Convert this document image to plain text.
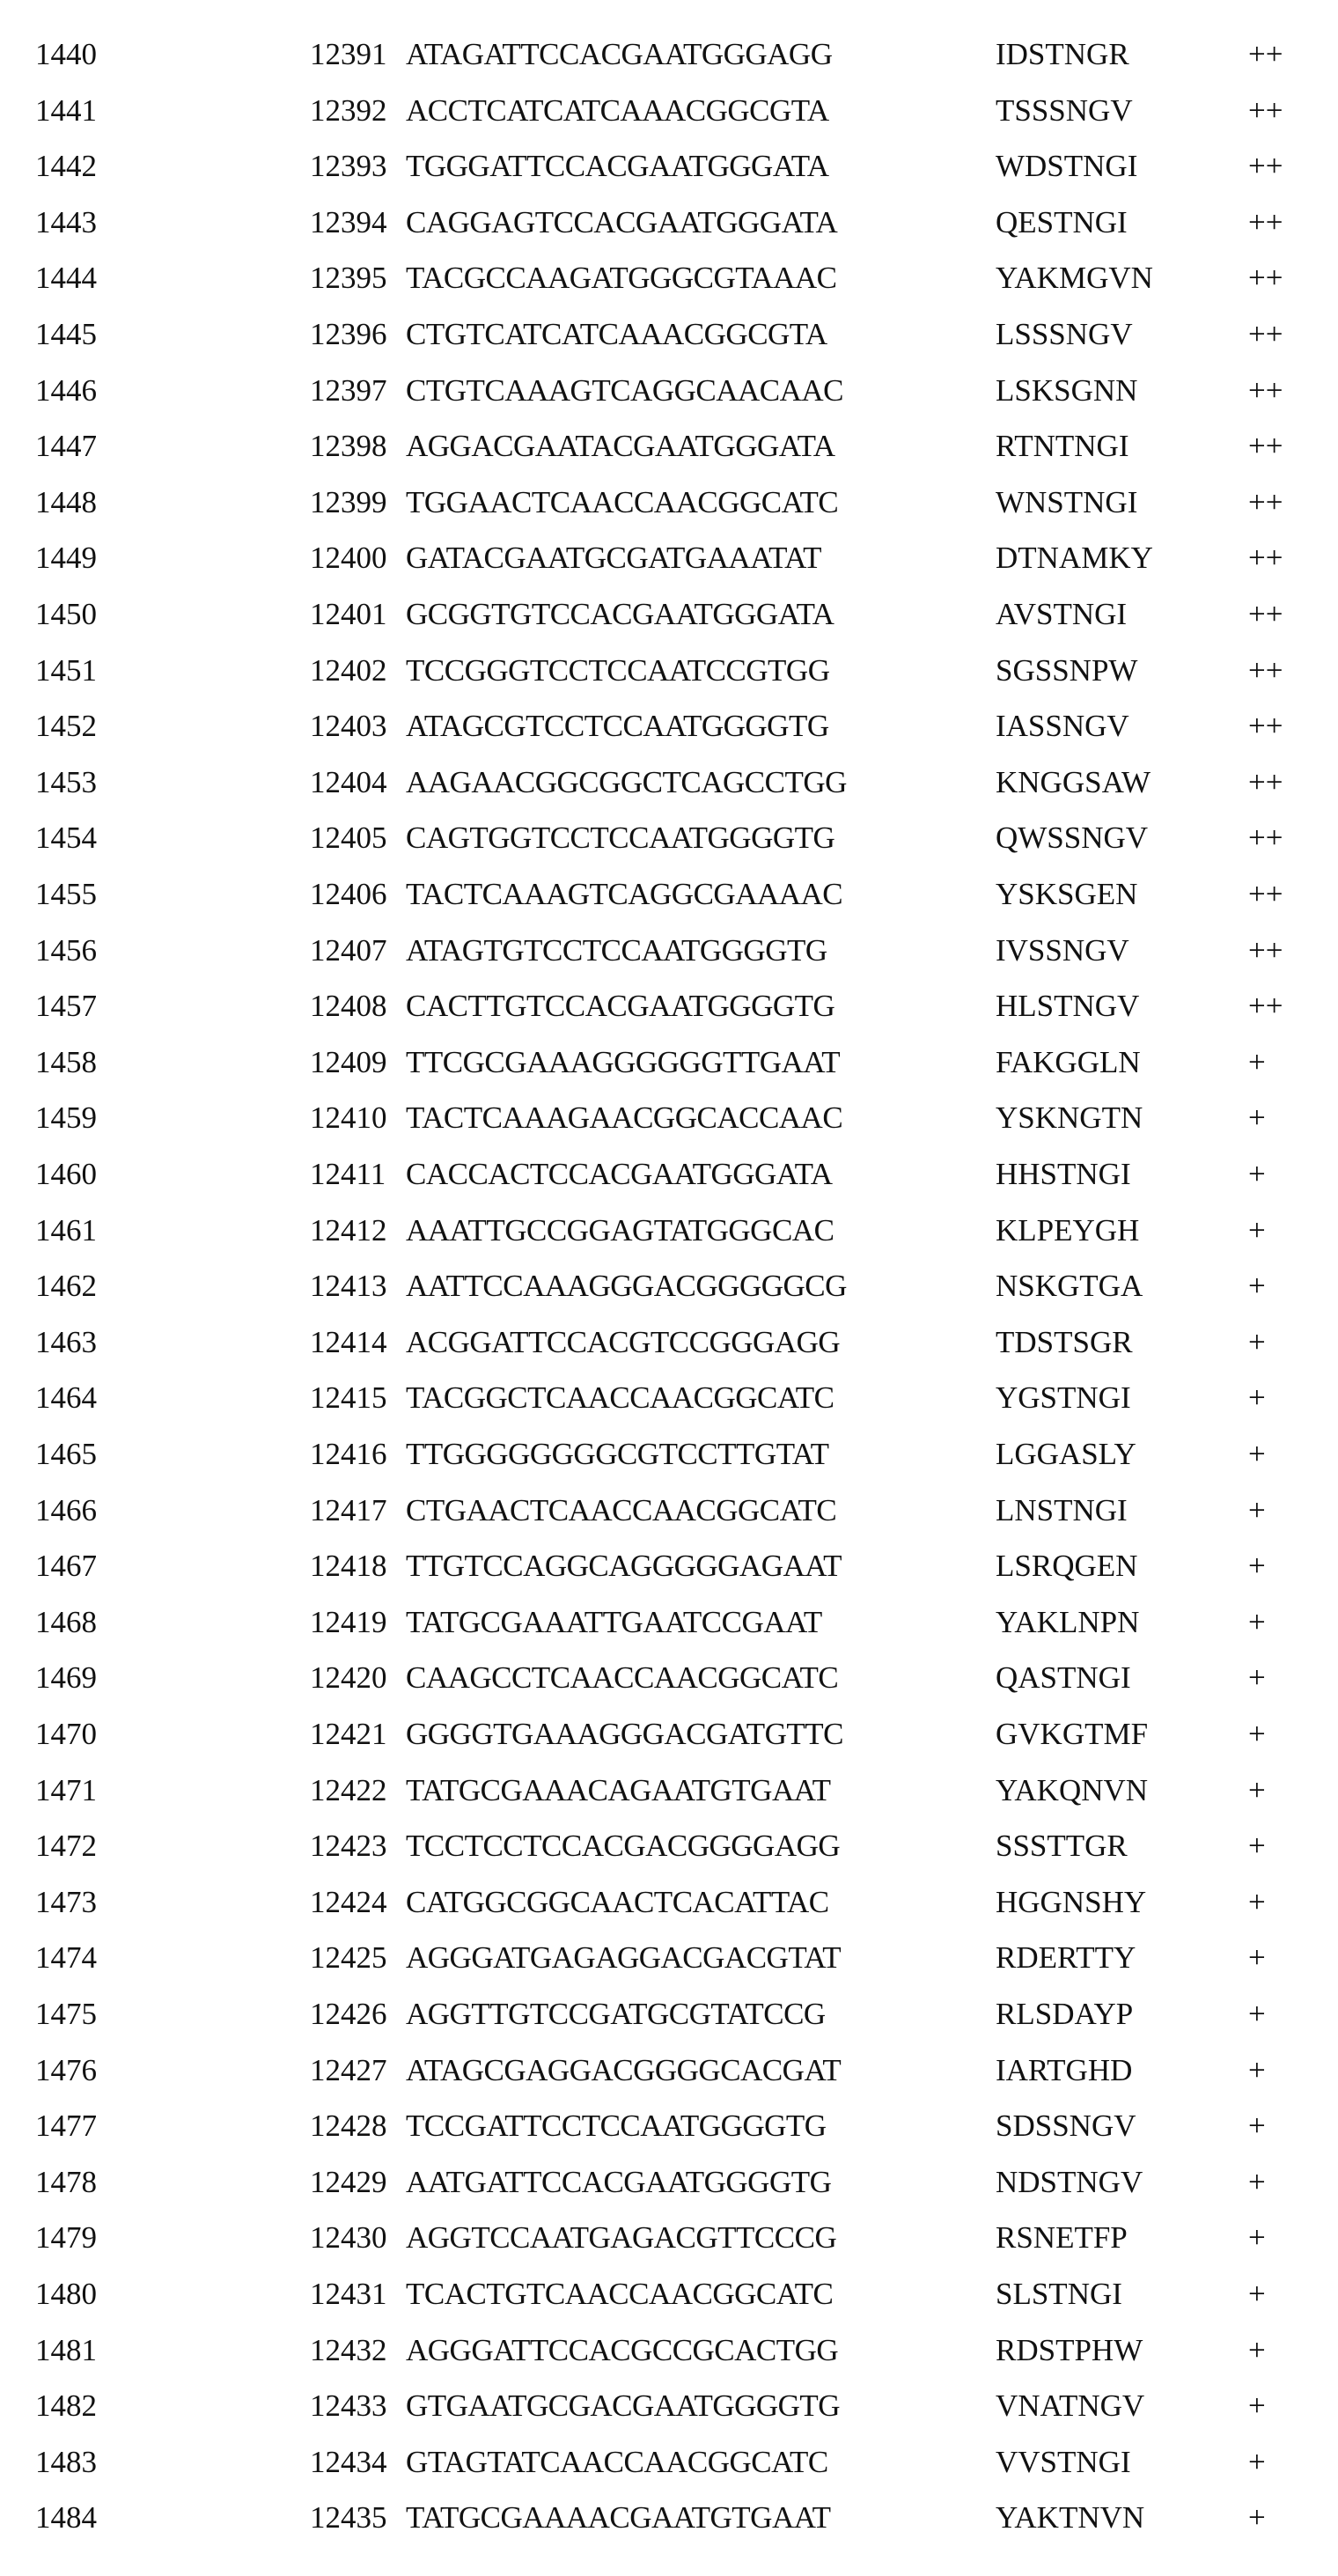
1440	12391 ATAGATTCCACGAATGGGAGG	IDSTNGR	++
1441	12392 ACCTCATCATCAAACGGCGTA	TSSSNGV	++
1442	12393 TGGGATTCCACGAATGGGATA	WDSTNGI	++
1443	12394 CAGGAGTCCACGAATGGGATA	QESTNGI	++
1444	12395 TACGCCAAGATGGGCGTAAAC	YAKMGVN	++
1445	12396 CTGTCATCATCAAACGGCGTA	LSSSNGV	++
1446	12397 CTGTCAAAGTCAGGCAACAAC	LSKSGNN	++
1447	12398 AGGACGAATACGAATGGGATA	RTNTNGI	++
1448	12399 TGGAACTCAACCAACGGCATC	WNSTNGI	++
1449	12400 GATACGAATGCGATGAAATAT	DTNAMKY	++
1450	12401 GCGGTGTCCACGAATGGGATA	AVSTNGI	++
1451	12402 TCCGGGTCCTCCAATCCGTGG	SGSSNPW	++
1452	12403 ATAGCGTCCTCCAATGGGGTG	IASSNGV	++
1453	12404 AAGAACGGCGGCTCAGCCTGG	KNGGSAW	++
1454	12405 CAGTGGTCCTCCAATGGGGTG	QWSSNGV	++
1455	12406 TACTCAAAGTCAGGCGAAAAC	YSKSGEN	++
1456	12407 ATAGTGTCCTCCAATGGGGTG	IVSSNGV	++
1457	12408 CACTTGTCCACGAATGGGGTG	HLSTNGV	++
1458	12409 TTCGCGAAAGGGGGGTTGAAT	FAKGGLN	+
1459	12410 TACTCAAAGAACGGCACCAAC	YSKNGTN	+
1460	12411 CACCACTCCACGAATGGGATA	HHSTNGI	+
1461	12412 AAATTGCCGGAGTATGGGCAC	KLPEYGH	+
1462	12413 AATTCCAAAGGGACGGGGGCG	NSKGTGA	+
1463	12414 ACGGATTCCACGTCCGGGAGG	TDSTSGR	+
1464	12415 TACGGCTCAACCAACGGCATC	YGSTNGI	+
1465	12416 TTGGGGGGGGCGTCCTTGTAT	LGGASLY	+
1466	12417 CTGAACTCAACCAACGGCATC	LNSTNGI	+
1467	12418 TTGTCCAGGCAGGGGGAGAAT	LSRQGEN	+
1468	12419 TATGCGAAATTGAATCCGAAT	YAKLNPN	+
1469	12420 CAAGCCTCAACCAACGGCATC	QASTNGI	+
1470	12421 GGGGTGAAAGGGACGATGTTC	GVKGTMF	+
1471	12422 TATGCGAAACAGAATGTGAAT	YAKQNVN	+
1472	12423 TCCTCCTCCACGACGGGGAGG	SSSTTGR	+
1473	12424 CATGGCGGCAACTCACATTAC	HGGNSHY	+
1474	12425 AGGGATGAGAGGACGACGTAT	RDERTTY	+
1475	12426 AGGTTGTCCGATGCGTATCCG	RLSDAYP	+
1476	12427 ATAGCGAGGACGGGGCACGAT	IARTGHD	+
1477	12428 TCCGATTCCTCCAATGGGGTG	SDSSNGV	+
1478	12429 AATGATTCCACGAATGGGGTG	NDSTNGV	+
1479	12430 AGGTCCAATGAGACGTTCCCG	RSNETFP	+
1480	12431 TCACTGTCAACCAACGGCATC	SLSTNGI	+
1481	12432 AGGGATTCCACGCCGCACTGG	RDSTPHW	+
1482	12433 GTGAATGCGACGAATGGGGTG	VNATNGV	+
1483	12434 GTAGTATCAACCAACGGCATC	VVSTNGI	+
1484	12435 TATGCGAAAACGAATGTGAAT	YAKTNVN	+
